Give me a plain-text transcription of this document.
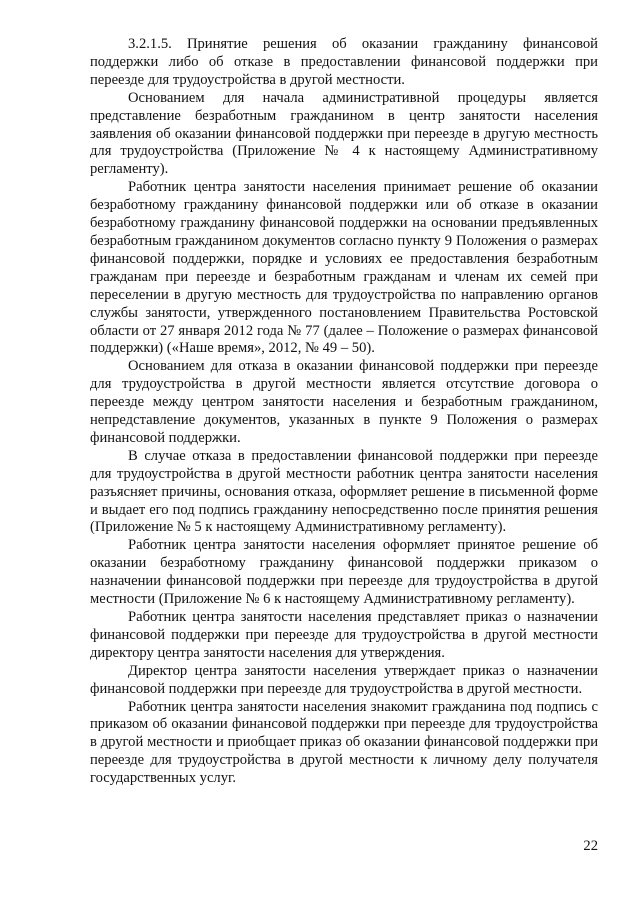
3.2.1.5. Принятие решения об оказании гражданину финансовой поддержки либо об отказе в предоставлении финансовой поддержки при переезде для трудоустройства в другой местности.

Основанием для начала административной процедуры является представление безработным гражданином в центр занятости населения заявления об оказании финансовой поддержки при переезде в другую местность для трудоустройства (Приложение № 4 к настоящему Административному регламенту).

Работник центра занятости населения принимает решение об оказании безработному гражданину финансовой поддержки или об отказе в оказании безработному гражданину финансовой поддержки на основании предъявленных безработным гражданином документов согласно пункту 9 Положения о размерах финансовой поддержки, порядке и условиях ее предоставления безработным гражданам при переезде и безработным гражданам и членам их семей при переселении в другую местность для трудоустройства по направлению органов службы занятости, утвержденного постановлением Правительства Ростовской области от 27 января 2012 года № 77 (далее – Положение о размерах финансовой поддержки) («Наше время», 2012, № 49 – 50).

Основанием для отказа в оказании финансовой поддержки при переезде для трудоустройства в другой местности является отсутствие договора о переезде между центром занятости населения и безработным гражданином, непредставление документов, указанных в пункте 9 Положения о размерах финансовой поддержки.

В случае отказа в предоставлении финансовой поддержки при переезде для трудоустройства в другой местности работник центра занятости населения разъясняет причины, основания отказа, оформляет решение в письменной форме и выдает его под подпись гражданину непосредственно после принятия решения (Приложение № 5 к настоящему Административному регламенту).

Работник центра занятости населения оформляет принятое решение об оказании безработному гражданину финансовой поддержки приказом о назначении финансовой поддержки при переезде для трудоустройства в другой местности (Приложение № 6 к настоящему Административному регламенту).

Работник центра занятости населения представляет приказ о назначении финансовой поддержки при переезде для трудоустройства в другой местности директору центра занятости населения для утверждения.

Директор центра занятости населения утверждает приказ о назначении финансовой поддержки при переезде для трудоустройства в другой местности.

Работник центра занятости населения знакомит гражданина под подпись с приказом об оказании финансовой поддержки при переезде для трудоустройства в другой местности и приобщает приказ об оказании финансовой поддержки при переезде для трудоустройства в другой местности к личному делу получателя государственных услуг.

22
